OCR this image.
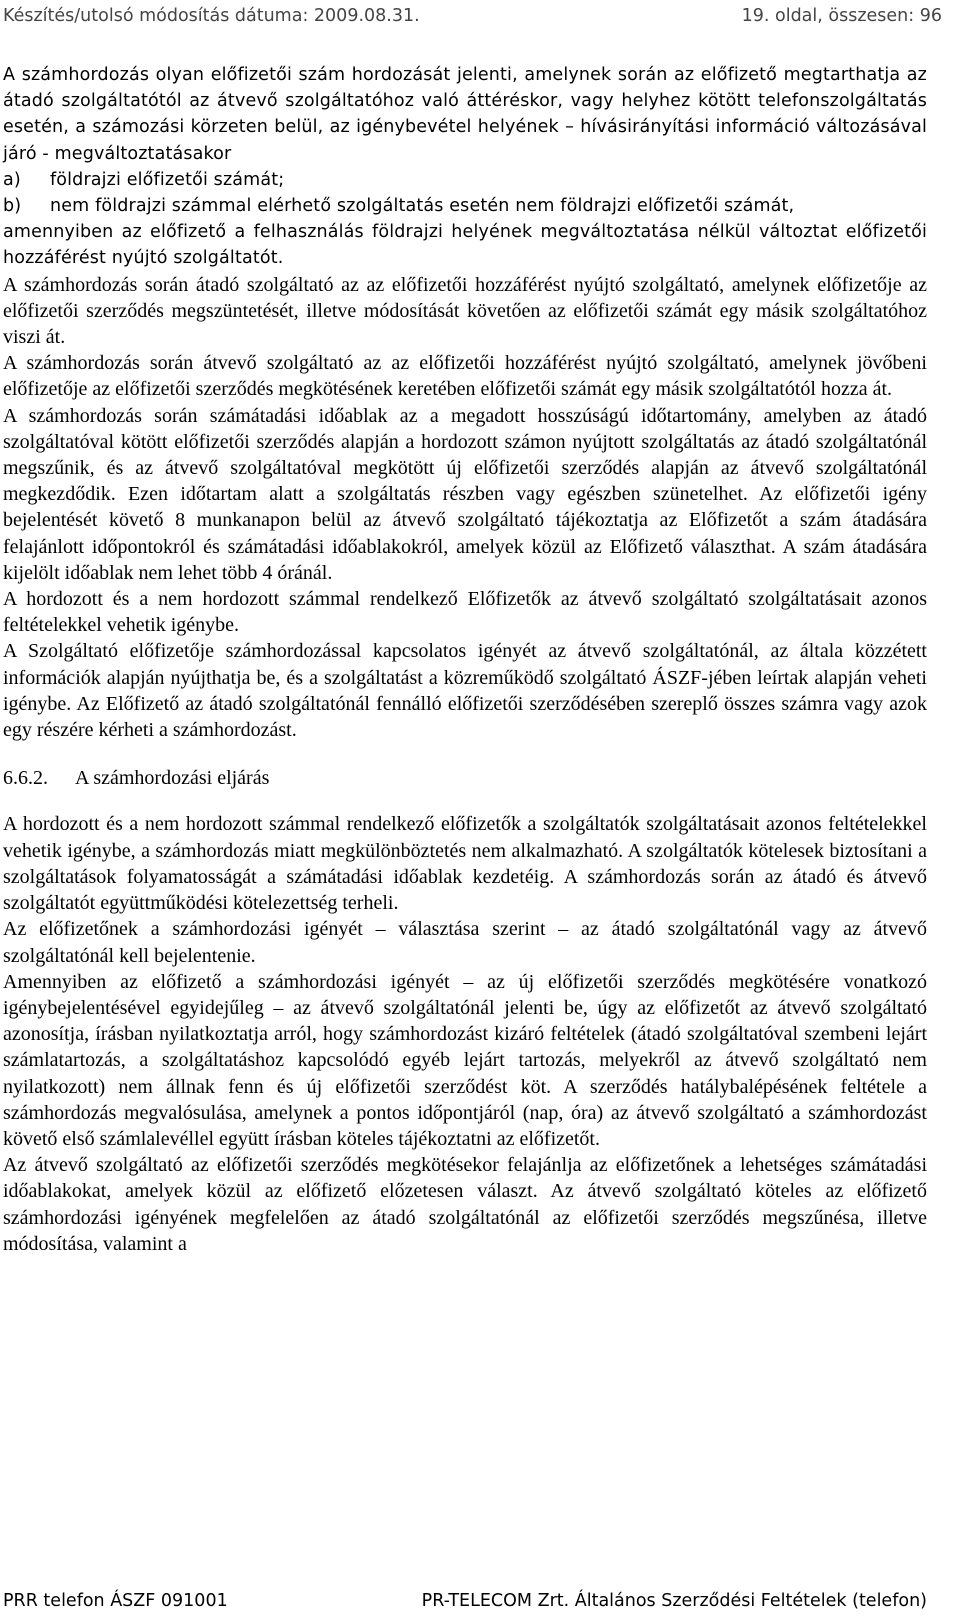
Készítés/utolsó módosítás dátuma: 2009.08.31.	19. oldal, összesen: 96

A számhordozás olyan előfizetői szám hordozását jelenti, amelynek során az előfizető megtarthatja az átadó szolgáltatótól az átvevő szolgáltatóhoz való áttéréskor, vagy helyhez kötött telefonszolgáltatás esetén, a számozási körzeten belül, az igénybevétel helyének – hívásirányítási információ változásával járó - megváltoztatásakor

a)	földrajzi előfizetői számát;
b)	nem földrajzi számmal elérhető szolgáltatás esetén nem földrajzi előfizetői számát,

amennyiben az előfizető a felhasználás földrajzi helyének megváltoztatása nélkül változtat előfizetői hozzáférést nyújtó szolgáltatót.

A számhordozás során átadó szolgáltató az az előfizetői hozzáférést nyújtó szolgáltató, amelynek előfizetője az előfizetői szerződés megszüntetését, illetve módosítását követően az előfizetői számát egy másik szolgáltatóhoz viszi át.

A számhordozás során átvevő szolgáltató az az előfizetői hozzáférést nyújtó szolgáltató, amelynek jövőbeni előfizetője az előfizetői szerződés megkötésének keretében előfizetői számát egy másik szolgáltatótól hozza át.

A számhordozás során számátadási időablak az a megadott hosszúságú időtartomány, amelyben az átadó szolgáltatóval kötött előfizetői szerződés alapján a hordozott számon nyújtott szolgáltatás az átadó szolgáltatónál megszűnik, és az átvevő szolgáltatóval megkötött új előfizetői szerződés alapján az átvevő szolgáltatónál megkezdődik. Ezen időtartam alatt a szolgáltatás részben vagy egészben szünetelhet. Az előfizetői igény bejelentését követő 8 munkanapon belül az átvevő szolgáltató tájékoztatja az Előfizetőt a szám átadására felajánlott időpontokról és számátadási időablakokról, amelyek közül az Előfizető választhat. A szám átadására kijelölt időablak nem lehet több 4 óránál.

A hordozott és a nem hordozott számmal rendelkező Előfizetők az átvevő szolgáltató szolgáltatásait azonos feltételekkel vehetik igénybe.

A Szolgáltató előfizetője számhordozással kapcsolatos igényét az átvevő szolgáltatónál, az általa közzétett információk alapján nyújthatja be, és a szolgáltatást a közreműködő szolgáltató ÁSZF-jében leírtak alapján veheti igénybe. Az Előfizető az átadó szolgáltatónál fennálló előfizetői szerződésében szereplő összes számra vagy azok egy részére kérheti a számhordozást.

6.6.2. A számhordozási eljárás

A hordozott és a nem hordozott számmal rendelkező előfizetők a szolgáltatók szolgáltatásait azonos feltételekkel vehetik igénybe, a számhordozás miatt megkülönböztetés nem alkalmazható. A szolgáltatók kötelesek biztosítani a szolgáltatások folyamatosságát a számátadási időablak kezdetéig. A számhordozás során az átadó és átvevő szolgáltatót együttműködési kötelezettség terheli.

Az előfizetőnek a számhordozási igényét – választása szerint – az átadó szolgáltatónál vagy az átvevő szolgáltatónál kell bejelentenie.

Amennyiben az előfizető a számhordozási igényét – az új előfizetői szerződés megkötésére vonatkozó igénybejelentésével egyidejűleg – az átvevő szolgáltatónál jelenti be, úgy az előfizetőt az átvevő szolgáltató azonosítja, írásban nyilatkoztatja arról, hogy számhordozást kizáró feltételek (átadó szolgáltatóval szembeni lejárt számlatartozás, a szolgáltatáshoz kapcsolódó egyéb lejárt tartozás, melyekről az átvevő szolgáltató nem nyilatkozott) nem állnak fenn és új előfizetői szerződést köt. A szerződés hatálybalépésének feltétele a számhordozás megvalósulása, amelynek a pontos időpontjáról (nap, óra) az átvevő szolgáltató a számhordozást követő első számlalevéllel együtt írásban köteles tájékoztatni az előfizetőt.

Az átvevő szolgáltató az előfizetői szerződés megkötésekor felajánlja az előfizetőnek a lehetséges számátadási időablakokat, amelyek közül az előfizető előzetesen választ. Az átvevő szolgáltató köteles az előfizető számhordozási igényének megfelelően az átadó szolgáltatónál az előfizetői szerződés megszűnésa, illetve módosítása, valamint a

PRR telefon ÁSZF 091001	PR-TELECOM Zrt. Általános Szerződési Feltételek (telefon)
